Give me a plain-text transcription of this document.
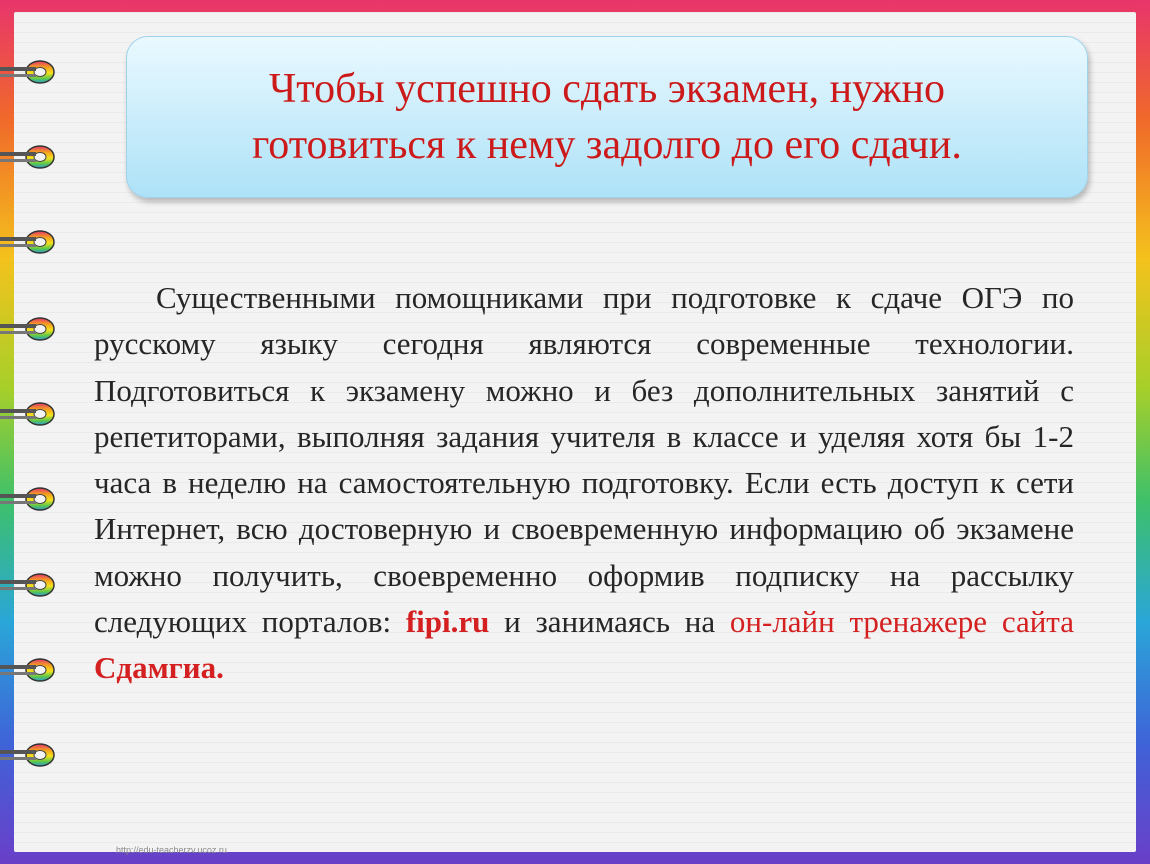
Чтобы успешно сдать экзамен, нужно
готовиться к нему задолго до его сдачи.
Существенными помощниками при подготовке к сдаче ОГЭ по русскому языку сегодня являются современные технологии. Подготовиться к экзамену можно и без дополнительных занятий с репетиторами, выполняя задания учителя в классе и уделяя хотя бы 1-2 часа в неделю на самостоятельную подготовку. Если есть доступ к сети Интернет, всю достоверную и своевременную информацию об экзамене можно получить, своевременно оформив подписку на рассылку следующих порталов: fipi.ru и занимаясь на он-лайн тренажере сайта Сдамгиа.
http://edu-teacherzv.ucoz.ru
